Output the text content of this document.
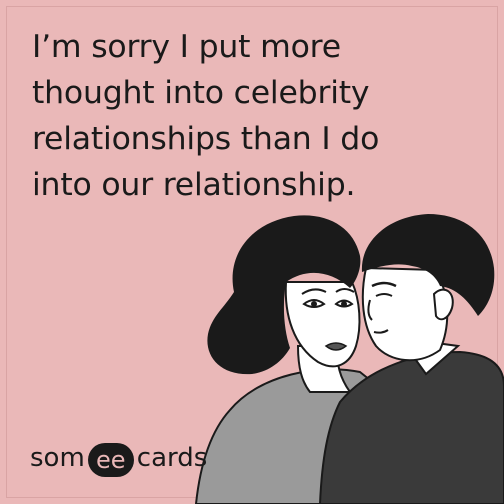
I’m sorry I put more
thought into celebrity
relationships than I do
into our relationship.
som ee cards
